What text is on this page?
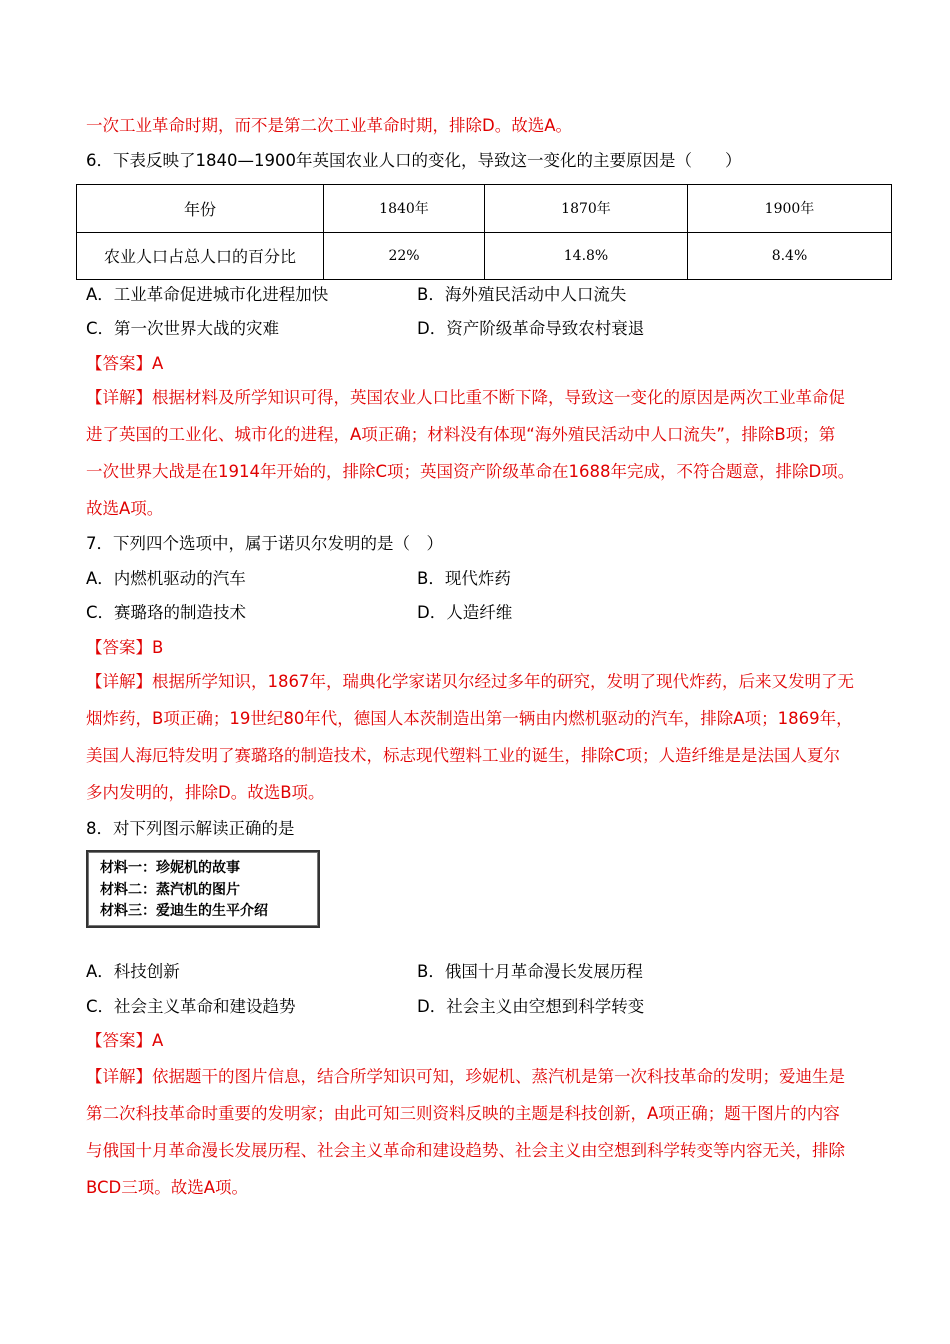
一次工业革命时期，而不是第二次工业革命时期，排除D。故选A。
6．下表反映了1840—1900年英国农业人口的变化，导致这一变化的主要原因是（　　）
年份	1840年	1870年	1900年
农业人口占总人口的百分比	22%	14.8%	8.4%
A．工业革命促进城市化进程加快	B．海外殖民活动中人口流失
C．第一次世界大战的灾难	D．资产阶级革命导致农村衰退
【答案】A
【详解】根据材料及所学知识可得，英国农业人口比重不断下降，导致这一变化的原因是两次工业革命促
进了英国的工业化、城市化的进程，A项正确；材料没有体现“海外殖民活动中人口流失”，排除B项；第
一次世界大战是在1914年开始的，排除C项；英国资产阶级革命在1688年完成，不符合题意，排除D项。
故选A项。
7．下列四个选项中，属于诺贝尔发明的是（　）
A．内燃机驱动的汽车	B．现代炸药
C．赛璐珞的制造技术	D．人造纤维
【答案】B
【详解】根据所学知识，1867年，瑞典化学家诺贝尔经过多年的研究，发明了现代炸药，后来又发明了无
烟炸药，B项正确；19世纪80年代，德国人本茨制造出第一辆由内燃机驱动的汽车，排除A项；1869年，
美国人海厄特发明了赛璐珞的制造技术，标志现代塑料工业的诞生，排除C项；人造纤维是是法国人夏尔
多内发明的，排除D。故选B项。
8．对下列图示解读正确的是
材料一：珍妮机的故事
材料二：蒸汽机的图片
材料三：爱迪生的生平介绍
A．科技创新	B．俄国十月革命漫长发展历程
C．社会主义革命和建设趋势	D．社会主义由空想到科学转变
【答案】A
【详解】依据题干的图片信息，结合所学知识可知，珍妮机、蒸汽机是第一次科技革命的发明；爱迪生是
第二次科技革命时重要的发明家；由此可知三则资料反映的主题是科技创新，A项正确；题干图片的内容
与俄国十月革命漫长发展历程、社会主义革命和建设趋势、社会主义由空想到科学转变等内容无关，排除
BCD三项。故选A项。
